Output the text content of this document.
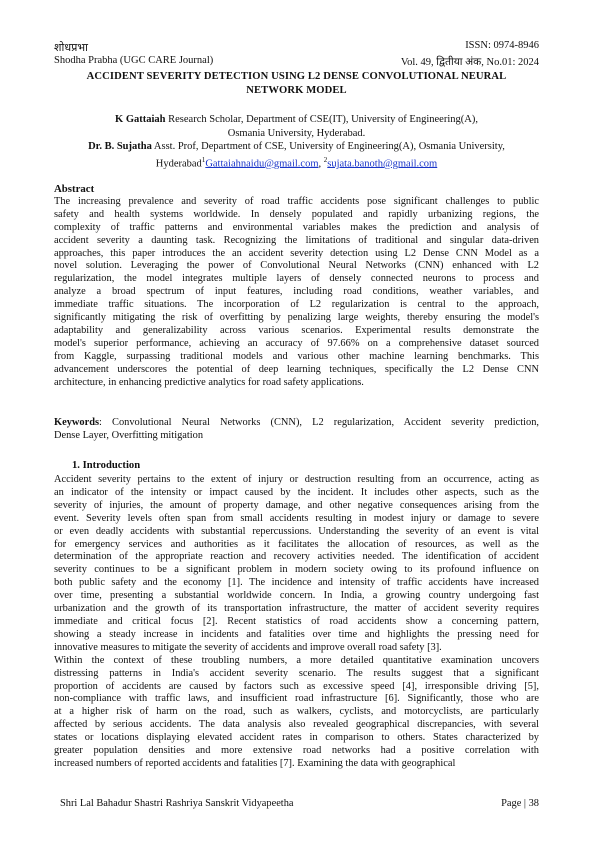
शोधप्रभा	ISSN: 0974-8946
Shodha Prabha (UGC CARE Journal)	Vol. 49, द्वितीया अंक, No.01: 2024
ACCIDENT SEVERITY DETECTION USING L2 DENSE CONVOLUTIONAL NEURAL
NETWORK MODEL
K Gattaiah Research Scholar, Department of CSE(IT), University of Engineering(A),
Osmania University, Hyderabad.
Dr. B. Sujatha Asst. Prof, Department of CSE, University of Engineering(A), Osmania University,
Hyderabad$^1$Gattaiahnaidu@gmail.com, $^2$sujata.banoth@gmail.com
Abstract
The increasing prevalence and severity of road traffic accidents pose significant challenges to public
safety and health systems worldwide. In densely populated and rapidly urbanizing regions, the
complexity of traffic patterns and environmental variables makes the prediction and analysis of
accident severity a daunting task. Recognizing the limitations of traditional and singular data-driven
approaches, this paper introduces the an accident severity detection using L2 Dense CNN Model as a
novel solution. Leveraging the power of Convolutional Neural Networks (CNN) enhanced with L2
regularization, the model integrates multiple layers of densely connected neurons to process and
analyze a broad spectrum of input features, including road conditions, weather variables, and
immediate traffic situations. The incorporation of L2 regularization is central to the approach,
significantly mitigating the risk of overfitting by penalizing large weights, thereby ensuring the model's
adaptability and generalizability across various scenarios. Experimental results demonstrate the
model's superior performance, achieving an accuracy of 97.66% on a comprehensive dataset sourced
from Kaggle, surpassing traditional models and various other machine learning benchmarks. This
advancement underscores the potential of deep learning techniques, specifically the L2 Dense CNN
architecture, in enhancing predictive analytics for road safety applications.
Keywords: Convolutional Neural Networks (CNN), L2 regularization, Accident severity prediction,
Dense Layer, Overfitting mitigation
1. Introduction
Accident severity pertains to the extent of injury or destruction resulting from an occurrence, acting as
an indicator of the intensity or impact caused by the incident. It includes other aspects, such as the
severity of injuries, the amount of property damage, and other negative consequences arising from the
event. Severity levels often span from small accidents resulting in modest injury or damage to severe
or even deadly accidents with substantial repercussions. Understanding the severity of an event is vital
for emergency services and authorities as it facilitates the allocation of resources, as well as the
determination of the appropriate reaction and recovery activities needed. The identification of accident
severity continues to be a significant problem in modern society owing to its profound influence on
both public safety and the economy [1]. The incidence and intensity of traffic accidents have increased
over time, presenting a substantial worldwide concern. In India, a growing country undergoing fast
urbanization and the growth of its transportation infrastructure, the matter of accident severity requires
immediate and critical focus [2]. Recent statistics of road accidents show a concerning pattern,
showing a steady increase in incidents and fatalities over time and highlights the pressing need for
innovative measures to mitigate the severity of accidents and improve overall road safety [3].
Within the context of these troubling numbers, a more detailed quantitative examination uncovers
distressing patterns in India's accident severity scenario. The results suggest that a significant
proportion of accidents are caused by factors such as excessive speed [4], irresponsible driving [5],
non-compliance with traffic laws, and insufficient road infrastructure [6]. Significantly, those who are
at a higher risk of harm on the road, such as walkers, cyclists, and motorcyclists, are particularly
affected by serious accidents. The data analysis also revealed geographical discrepancies, with several
states or locations displaying elevated accident rates in comparison to others. States characterized by
greater population densities and more extensive road networks had a positive correlation with
increased numbers of reported accidents and fatalities [7]. Examining the data with geographical
Shri Lal Bahadur Shastri Rashriya Sanskrit Vidyapeetha	Page | 38
